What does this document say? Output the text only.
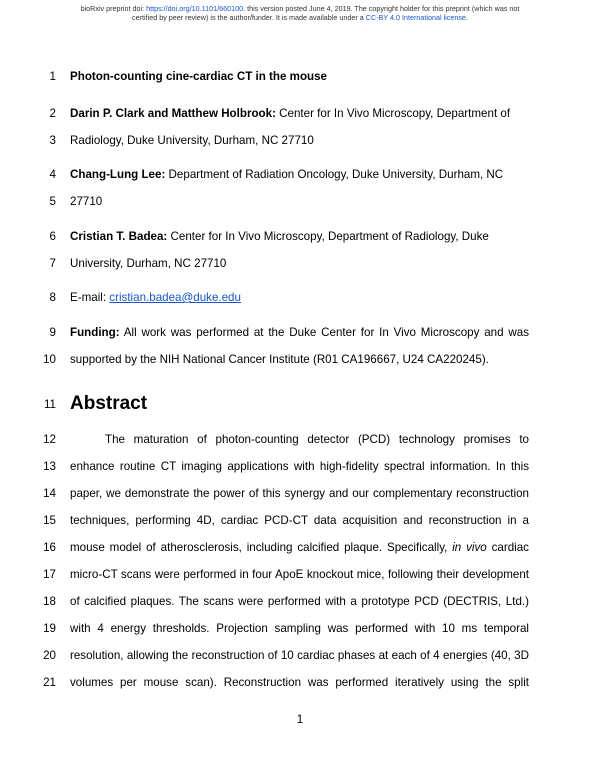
bioRxiv preprint doi: https://doi.org/10.1101/660100. this version posted June 4, 2019. The copyright holder for this preprint (which was not
certified by peer review) is the author/funder. It is made available under a CC-BY 4.0 International license.
1 Photon-counting cine-cardiac CT in the mouse
2 Darin P. Clark and Matthew Holbrook: Center for In Vivo Microscopy, Department of
3 Radiology, Duke University, Durham, NC 27710
4 Chang-Lung Lee: Department of Radiation Oncology, Duke University, Durham, NC
5 27710
6 Cristian T. Badea: Center for In Vivo Microscopy, Department of Radiology, Duke
7 University, Durham, NC 27710
8 E-mail: cristian.badea@duke.edu
9 Funding: All work was performed at the Duke Center for In Vivo Microscopy and was
10 supported by the NIH National Cancer Institute (R01 CA196667, U24 CA220245).
11 Abstract
12	The maturation of photon-counting detector (PCD) technology promises to
13 enhance routine CT imaging applications with high-fidelity spectral information. In this
14 paper, we demonstrate the power of this synergy and our complementary reconstruction
15 techniques, performing 4D, cardiac PCD-CT data acquisition and reconstruction in a
16 mouse model of atherosclerosis, including calcified plaque. Specifically, in vivo cardiac
17 micro-CT scans were performed in four ApoE knockout mice, following their development
18 of calcified plaques. The scans were performed with a prototype PCD (DECTRIS, Ltd.)
19 with 4 energy thresholds. Projection sampling was performed with 10 ms temporal
20 resolution, allowing the reconstruction of 10 cardiac phases at each of 4 energies (40, 3D
21 volumes per mouse scan). Reconstruction was performed iteratively using the split
1
